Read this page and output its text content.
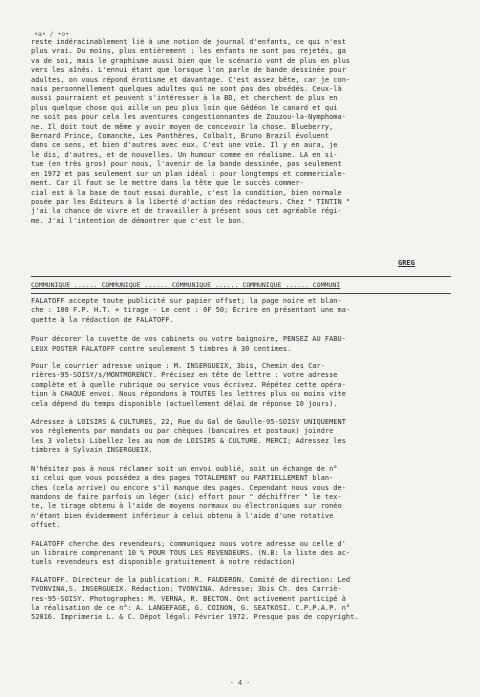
•a• / •o•
reste indéracinablement lié à une notion de journal d'enfants, ce qui n'est
plus vrai. Du moins, plus entièrement : les enfants ne sont pas rejetés, ga
va de soi, mais le graphisme aussi bien que le scénario vont de plus en plus
vers les aînés. L'ennui étant que lorsque l'on parle de bande dessinée pour
adultes, on vous répond érotisme et davantage. C'est assez bête, car je con-
nais personnellement quelques adultes qui ne sont pas des obsédés. Ceux-là
aussi pourraient et peuvent s'intéresser à la BD, et cherchent de plus en
plus quelque chose qui aille un peu plus loin que Gédéon le canard et qui
ne soit pas pour cela les aventures congestionnantes de Zouzou-la-Nymphoma-
ne. Il doit tout de même y avoir moyen de concevoir la chose. Blueberry,
Bernard Prince, Comanche, Les Panthères, Colbalt, Bruno Brazil évoluent
dans ce sens, et bien d'autres avec eux. C'est une voie. Il y en aura, je
le dis, d'autres, et de nouvelles. Un humour comme en réalisme. LA en si-
tue (en très gros) pour nous, l'avenir de la bande dessinée, pas seulement
en 1972 et pas seulement sur un plan idéal : pour longtemps et commerciale-
ment. Car il faut se le mettre dans la tête que le succès commer-
cial est à la base de tout essai durable, c'est la condition, bien normale
posée par les Éditeurs à la liberté d'action des rédacteurs. Chez " TINTIN "
j'ai la chance de vivre et de travailler à présent sous cet agréable régi-
me. J'ai l'intention de démontrer que c'est le bon.
GREG
COMMUNIQUE ...... COMMUNIQUE ...... COMMUNIQUE ...... COMMUNIQUE ...... COMMUNI
FALATOFF accepte toute publicité sur papier offset; la page noire et blan-
che : 100 F.P. H.T. + tirage - Le cent : 0F 50; Écrire en présentant une ma-
quette à la rédaction de FALATOFF.
Pour décorer la cuvette de vos cabinets ou votre baignoire, PENSEZ AU FABU-
LEUX POSTER FALATOFF contre seulement 5 timbres à 30 centimes.
Pour le courrier adresse unique : M. INSERGUEIX, 3bis, Chemin des Car-
rières-95-SOISY/s/MONTMORENCY. Précisez en tête de lettre : votre adresse
complète et à quelle rubrique ou service vous écrivez. Répétez cette opéra-
tion à CHAQUE envoi. Nous répondons à TOUTES les lettres plus ou moins vite
cela dépend du temps disponible (actuellement délai de réponse 10 jours).
Adressez à LOISIRS & CULTURES, 22, Rue du Gal de Gaulle-95-SOISY UNIQUEMENT
vos règlements par mandats ou par chèques (bancaires et postaux) joindre
les 3 volets) Libellez les au nom de LOISIRS & CULTURE. MERCI; Adressez les
timbres à Sylvain INSERGUEIX.
N'hésitez pas à nous réclamer soit un envoi oublié, soit un échange de n°
si celui que vous possédez a des pages TOTALEMENT ou PARTIELLEMENT blan-
ches (cela arrive) ou encore s'il manque des pages. Cependant nous vous de-
mandons de faire parfois un léger (sic) effort pour " déchiffrer " le tex-
te, le tirage obtenu à l'aide de moyens normaux ou électroniques sur ronéo
n'étant bien évidemment inférieur à celui obtenu à l'aide d'une rotative
offset.
FALATOFF cherche des revendeurs; communiquez nous votre adresse ou celle d'
un libraire comprenant 10 % POUR TOUS LES REVENDEURS. (N.B: la liste des ac-
tuels revendeurs est disponible gratuitement à notre rédaction)
FALATOFF. Directeur de la publication: R. FAUDERON. Comité de direction: Led
TVONVINA,S. INSERGUEIX. Rédaction: TVONVINA. Adresse: 3bis Ch. des Carriè-
res-95-SOISY. Photographes: M. VERNA, R. BECTON. Ont activement participé à
la réalisation de ce n°: A. LANGEFAGE, G. COINON, G. SEATKOSI. C.P.P.A.P. n°
52016. Imprimerie L. & C. Dépot légal: Février 1972. Presque pas de copyright.
- 4 -
